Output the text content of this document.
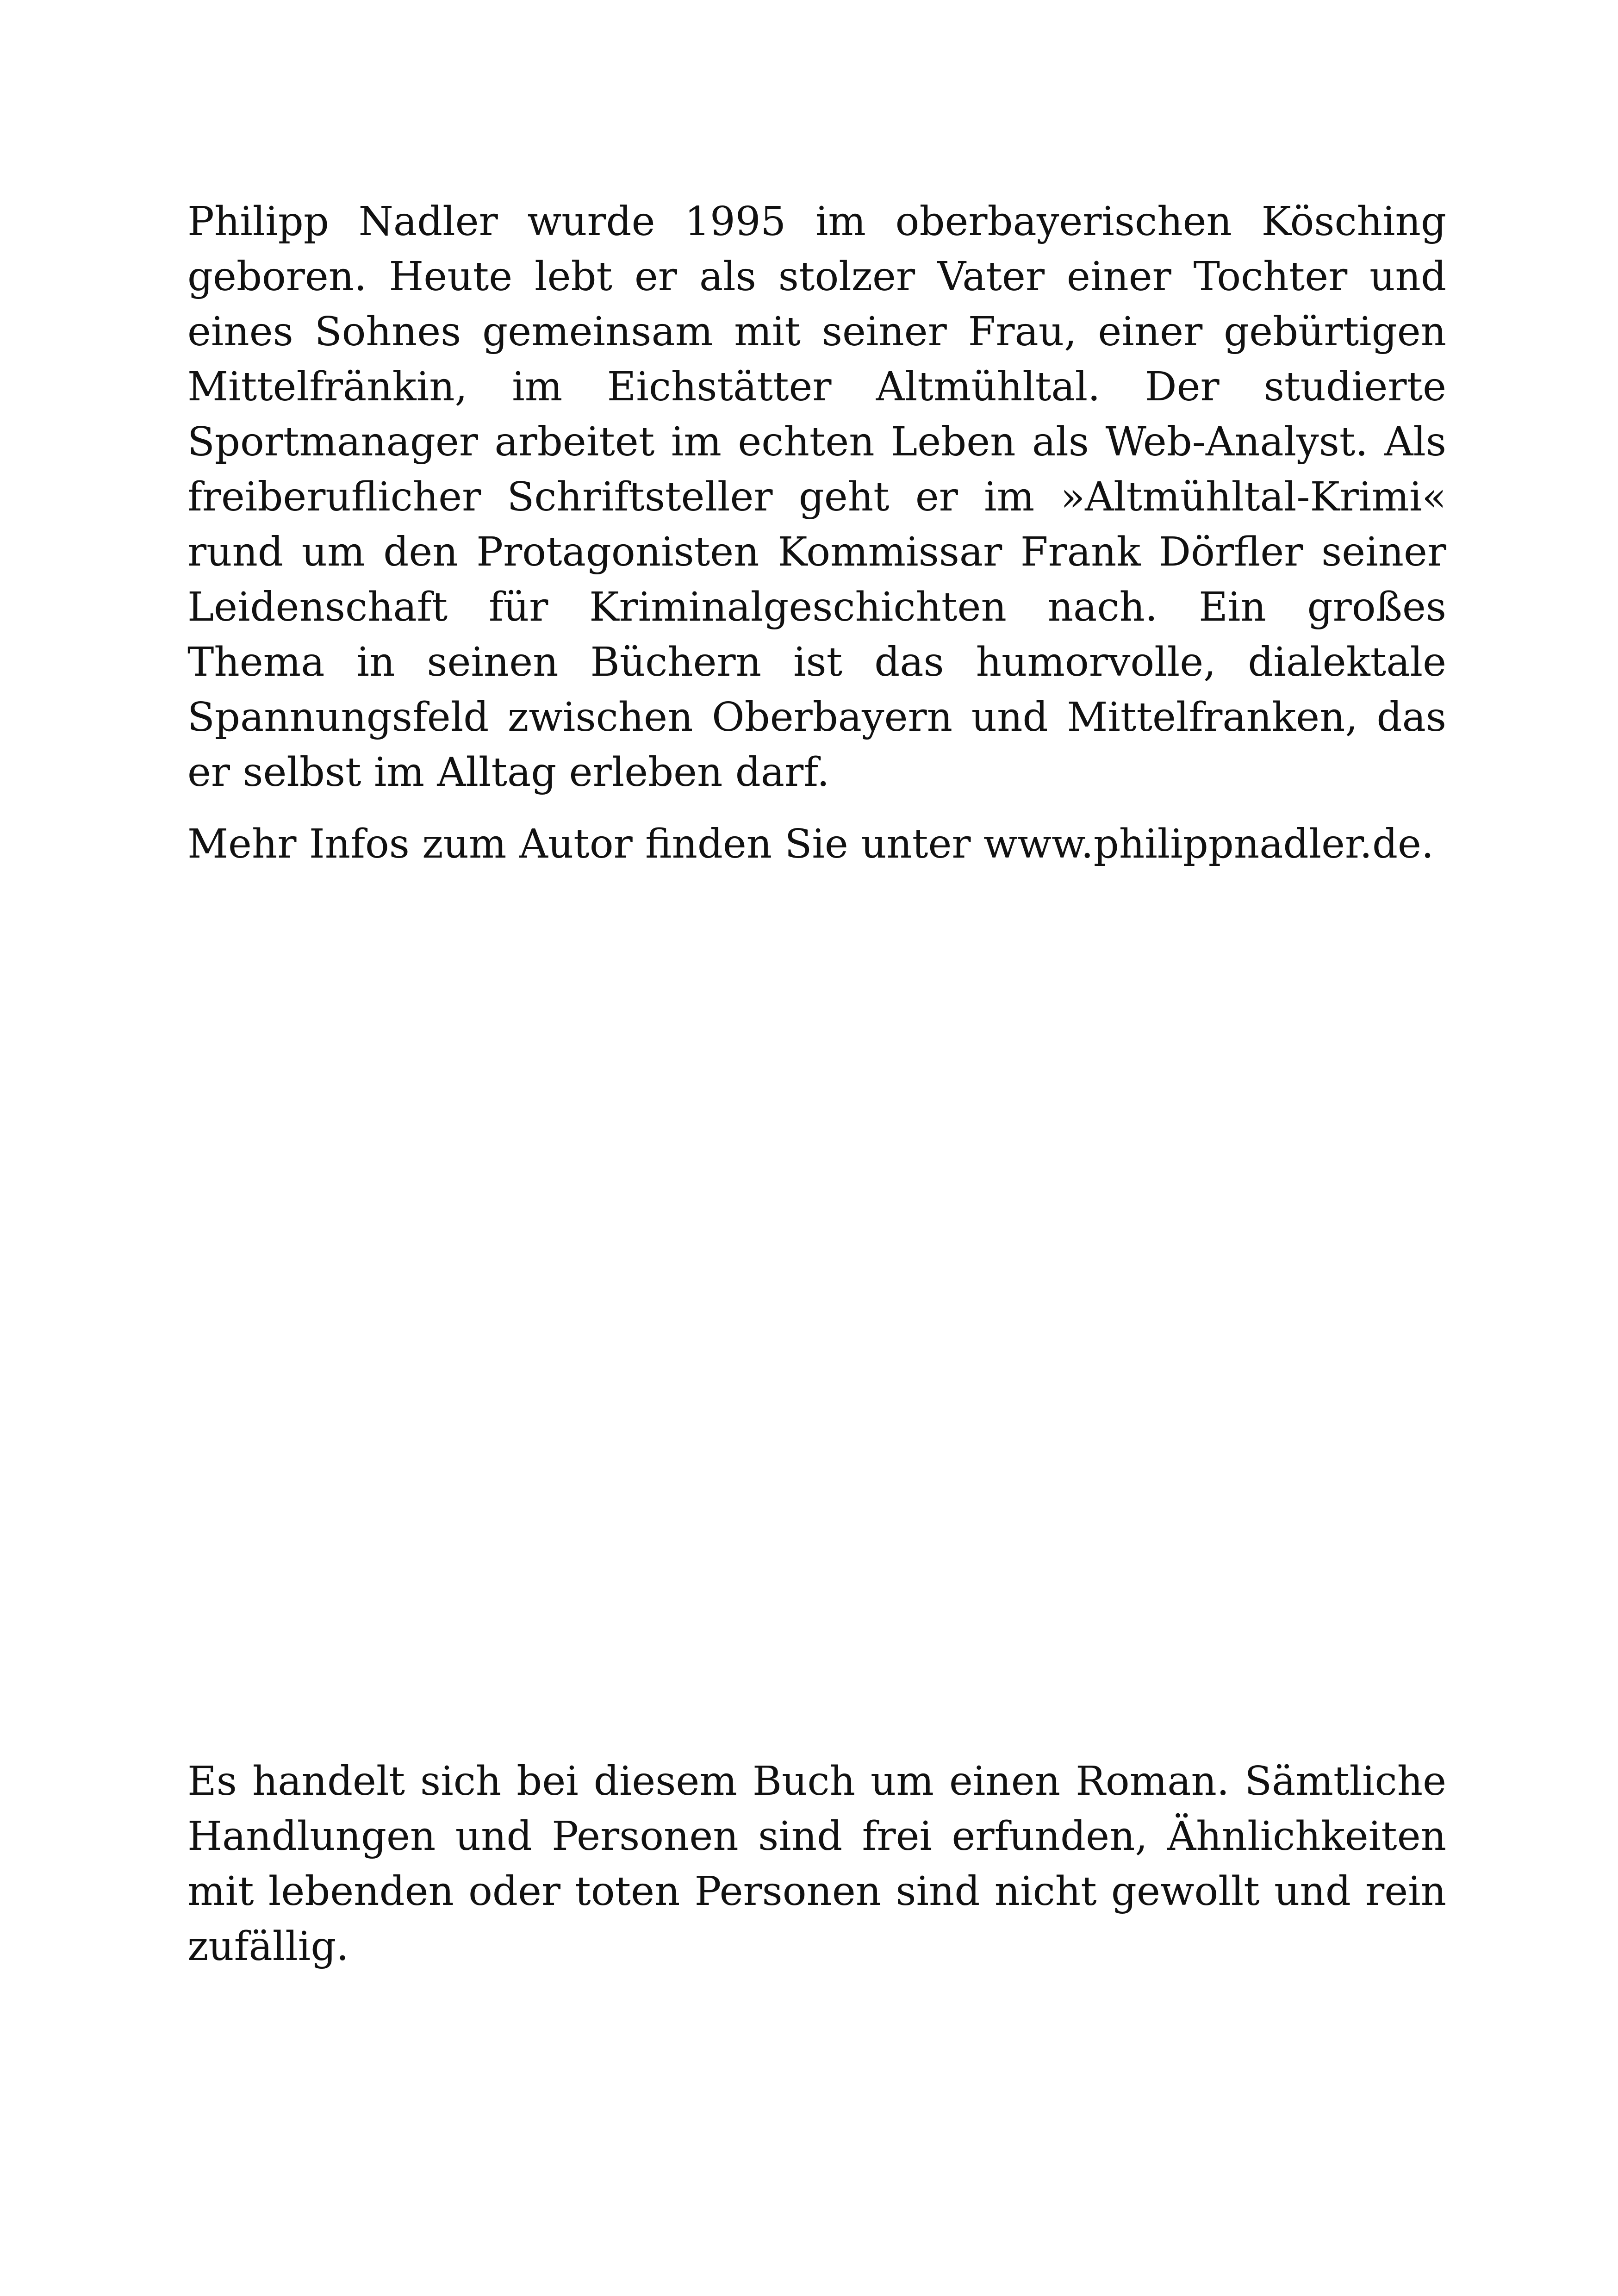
Philipp Nadler wurde 1995 im oberbayerischen Kösching geboren. Heute lebt er als stolzer Vater einer Tochter und eines Sohnes gemeinsam mit seiner Frau, einer gebürtigen Mittelfränkin, im Eichstätter Altmühltal. Der studierte Sportmanager arbeitet im echten Leben als Web-Analyst. Als freiberuflicher Schriftsteller geht er im »Altmühltal-Krimi« rund um den Protagonisten Kommissar Frank Dörfler seiner Leidenschaft für Kriminalgeschichten nach. Ein großes Thema in seinen Büchern ist das humorvolle, dialektale Spannungsfeld zwischen Oberbayern und Mittelfranken, das er selbst im Alltag erleben darf.

Mehr Infos zum Autor finden Sie unter www.philippnadler.de.

Es handelt sich bei diesem Buch um einen Roman. Sämtliche Handlungen und Personen sind frei erfunden, Ähnlichkeiten mit lebenden oder toten Personen sind nicht gewollt und rein zufällig.
